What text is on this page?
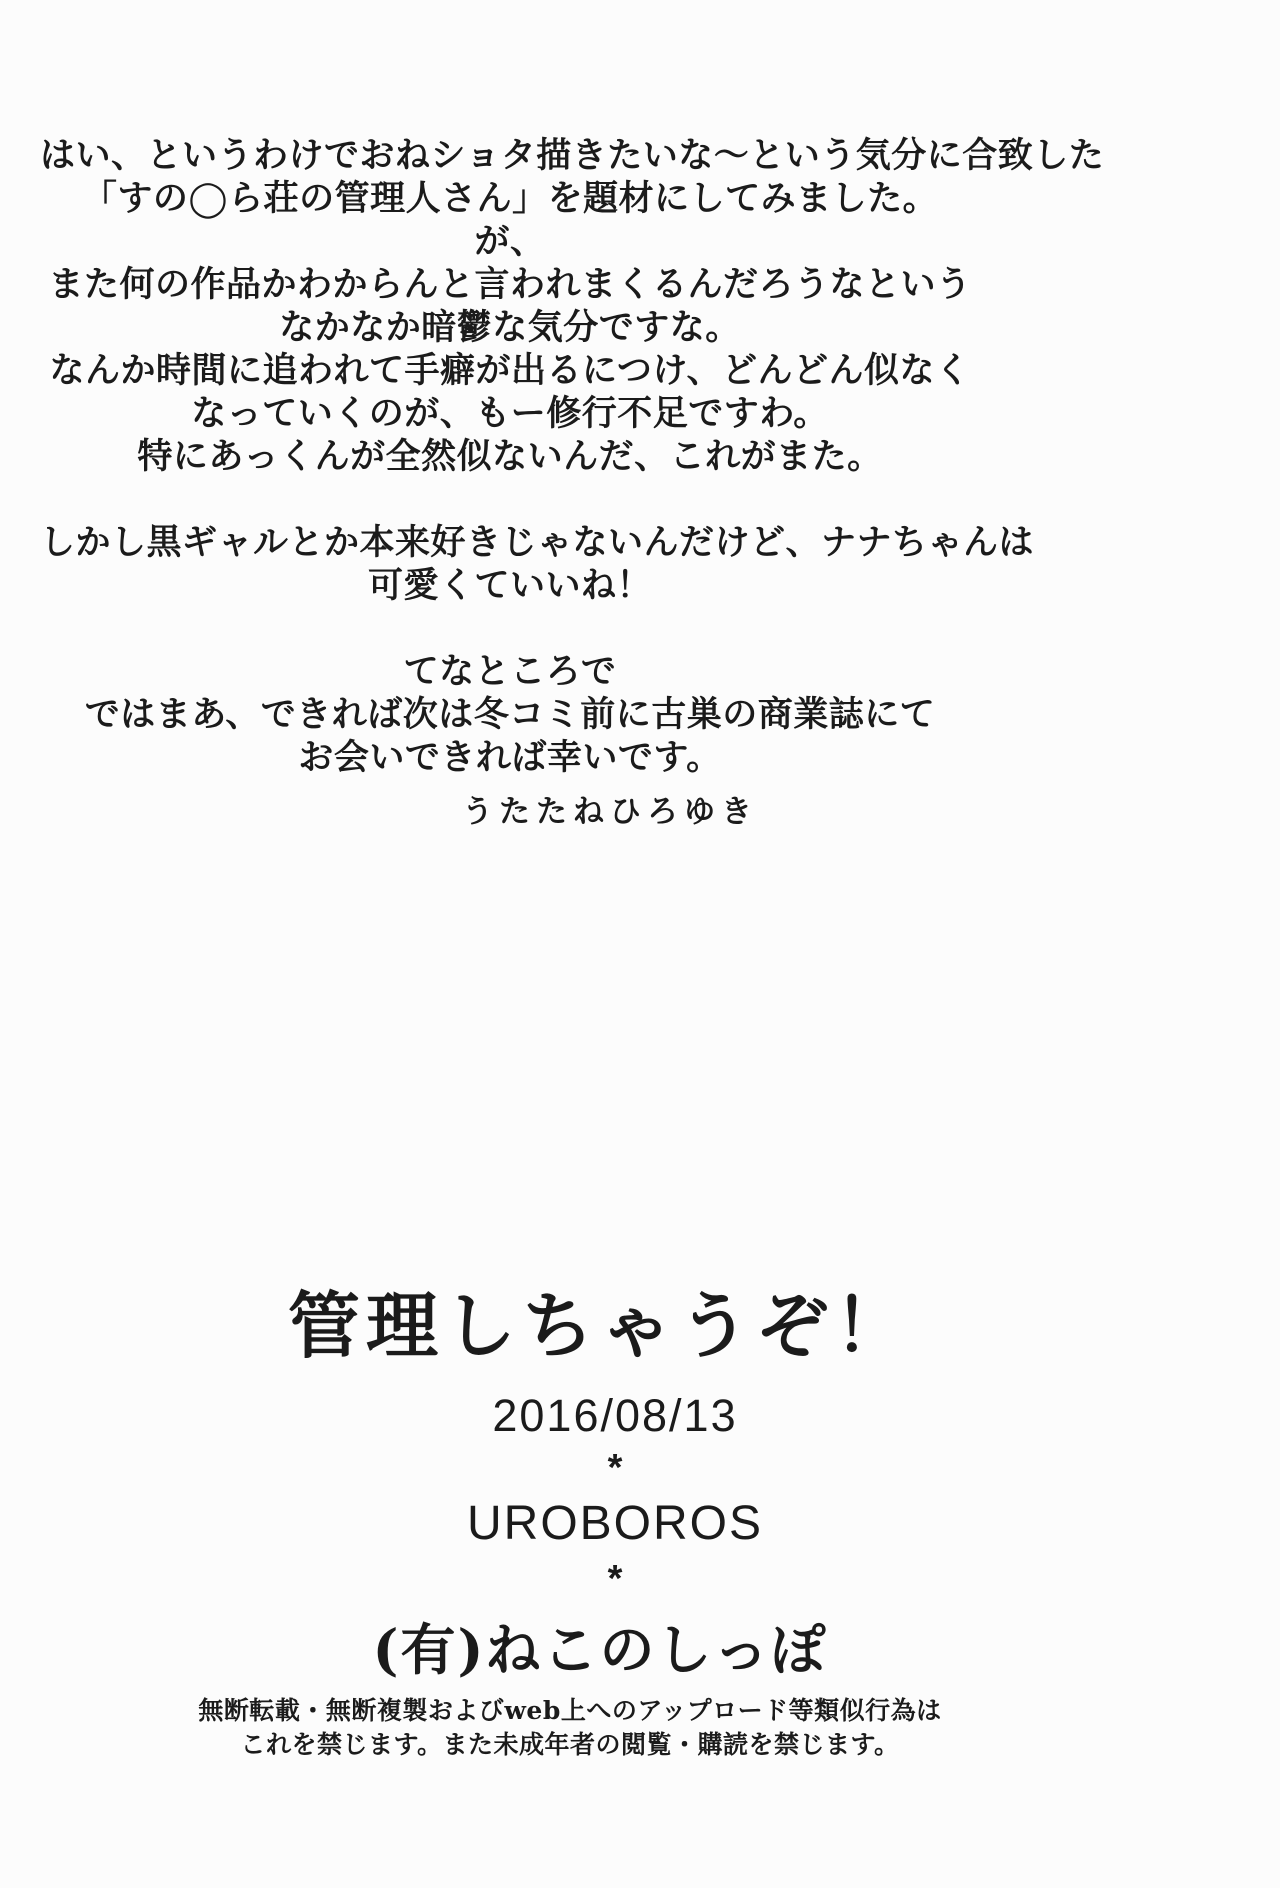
はい、というわけでおねショタ描きたいな～という気分に合致した
「すの◯ら荘の管理人さん」を題材にしてみました。
が、
また何の作品かわからんと言われまくるんだろうなという
なかなか暗鬱な気分ですな。
なんか時間に追われて手癖が出るにつけ、どんどん似なく
なっていくのが、もー修行不足ですわ。
特にあっくんが全然似ないんだ、これがまた。
しかし黒ギャルとか本来好きじゃないんだけど、ナナちゃんは
可愛くていいね！
てなところで
ではまあ、できれば次は冬コミ前に古巣の商業誌にて
お会いできれば幸いです。
うたたねひろゆき
管理しちゃうぞ！
2016/08/13
*
UROBOROS
*
(有)ねこのしっぽ
無断転載・無断複製およびweb上へのアップロード等類似行為は
これを禁じます。また未成年者の閲覧・購読を禁じます。
